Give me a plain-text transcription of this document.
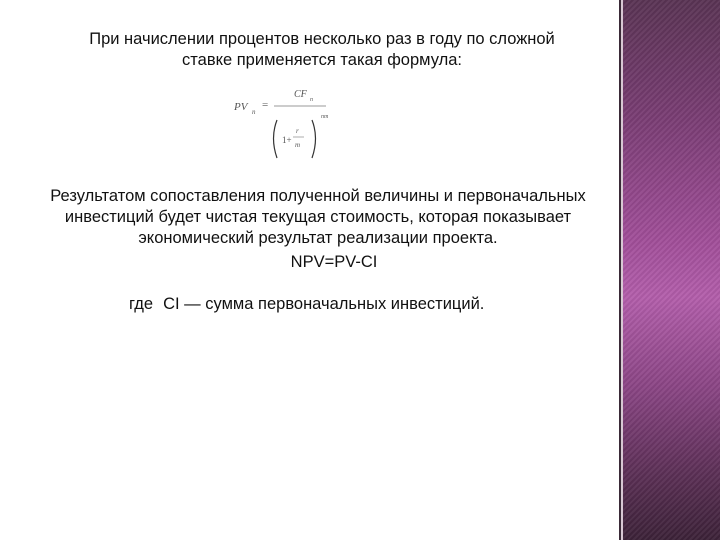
При начислении процентов несколько раз в году по сложной
ставке применяется такая формула:
PV n
=
CF n
1+
r
m
nm
Результатом сопоставления полученной величины и первоначальных
инвестиций будет чистая текущая стоимость, которая показывает
экономический результат реализации проекта.
NPV=PV-CI
где CI — сумма первоначальных инвестиций.
